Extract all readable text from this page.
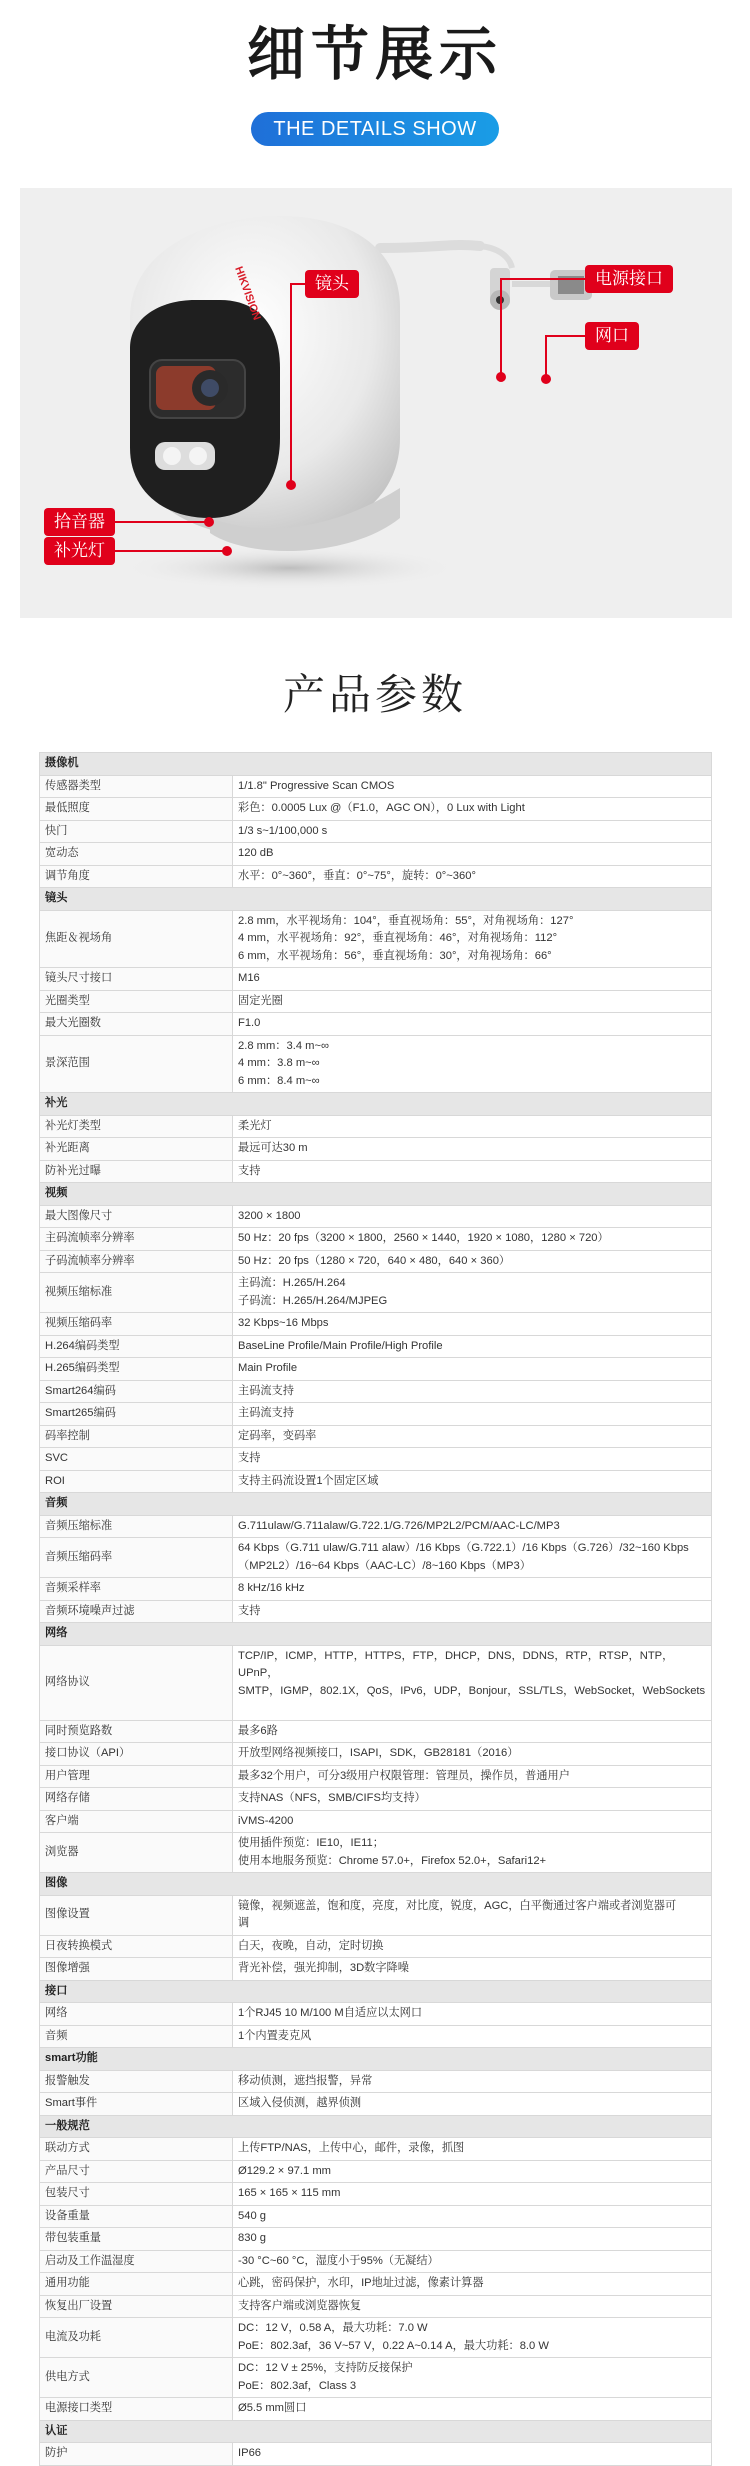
细节展示
THE DETAILS SHOW
HIKVISION
产品参数
摄像机	
传感器类型	1/1.8" Progressive Scan CMOS

最低照度	彩色：0.0005 Lux @（F1.0，AGC ON），0 Lux with Light

快门	1/3 s~1/100,000 s

宽动态	120 dB

调节角度	水平：0°~360°，垂直：0°~75°，旋转：0°~360°

镜头	
焦距＆视场角	2.8 mm，水平视场角：104°，垂直视场角：55°，对角视场角：127°
4 mm，水平视场角：92°，垂直视场角：46°，对角视场角：112°
6 mm，水平视场角：56°，垂直视场角：30°，对角视场角：66°

镜头尺寸接口	M16

光圈类型	固定光圈

最大光圈数	F1.0

景深范围	2.8 mm：3.4 m~∞
4 mm：3.8 m~∞
6 mm：8.4 m~∞

补光	
补光灯类型	柔光灯

补光距离	最远可达30 m

防补光过曝	支持

视频	
最大图像尺寸	3200 × 1800

主码流帧率分辨率	50 Hz：20 fps（3200 × 1800，2560 × 1440，1920 × 1080，1280 × 720）

子码流帧率分辨率	50 Hz：20 fps（1280 × 720，640 × 480，640 × 360）

视频压缩标准	主码流：H.265/H.264
子码流：H.265/H.264/MJPEG

视频压缩码率	32 Kbps~16 Mbps

H.264编码类型	BaseLine Profile/Main Profile/High Profile

H.265编码类型	Main Profile

Smart264编码	主码流支持

Smart265编码	主码流支持

码率控制	定码率，变码率

SVC	支持

ROI	支持主码流设置1个固定区域

音频	
音频压缩标准	G.711ulaw/G.711alaw/G.722.1/G.726/MP2L2/PCM/AAC-LC/MP3

音频压缩码率	64 Kbps（G.711 ulaw/G.711 alaw）/16 Kbps（G.722.1）/16 Kbps（G.726）/32~160 Kbps
（MP2L2）/16~64 Kbps（AAC-LC）/8~160 Kbps（MP3）

音频采样率	8 kHz/16 kHz

音频环境噪声过滤	支持

网络	
网络协议	TCP/IP，ICMP，HTTP，HTTPS，FTP，DHCP，DNS，DDNS，RTP，RTSP，NTP，UPnP，
SMTP，IGMP，802.1X，QoS，IPv6，UDP，Bonjour，SSL/TLS，WebSocket，WebSockets

同时预览路数	最多6路

接口协议（API）	开放型网络视频接口，ISAPI，SDK，GB28181（2016）

用户管理	最多32个用户，可分3级用户权限管理：管理员，操作员，普通用户

网络存储	支持NAS（NFS，SMB/CIFS均支持）

客户端	iVMS-4200

浏览器	使用插件预览：IE10，IE11；
使用本地服务预览：Chrome 57.0+，Firefox 52.0+，Safari12+

图像	
图像设置	镜像，视频遮盖，饱和度，亮度，对比度，锐度，AGC，白平衡通过客户端或者浏览器可
调

日夜转换模式	白天，夜晚，自动，定时切换

图像增强	背光补偿，强光抑制，3D数字降噪

接口	
网络	1个RJ45 10 M/100 M自适应以太网口

音频	1个内置麦克风

smart功能	
报警触发	移动侦测，遮挡报警，异常

Smart事件	区域入侵侦测，越界侦测

一般规范	
联动方式	上传FTP/NAS，上传中心，邮件，录像，抓图

产品尺寸	Ø129.2 × 97.1 mm

包装尺寸	165 × 165 × 115 mm

设备重量	540 g

带包装重量	830 g

启动及工作温湿度	-30 °C~60 °C，湿度小于95%（无凝结）

通用功能	心跳，密码保护，水印，IP地址过滤，像素计算器

恢复出厂设置	支持客户端或浏览器恢复

电流及功耗	DC：12 V，0.58 A，最大功耗：7.0 W
PoE：802.3af，36 V~57 V，0.22 A~0.14 A，最大功耗：8.0 W

供电方式	DC：12 V ± 25%，支持防反接保护
PoE：802.3af，Class 3

电源接口类型	Ø5.5 mm圆口

认证	
防护	IP66
镜头	电源接口
网口
拾音器
补光灯
